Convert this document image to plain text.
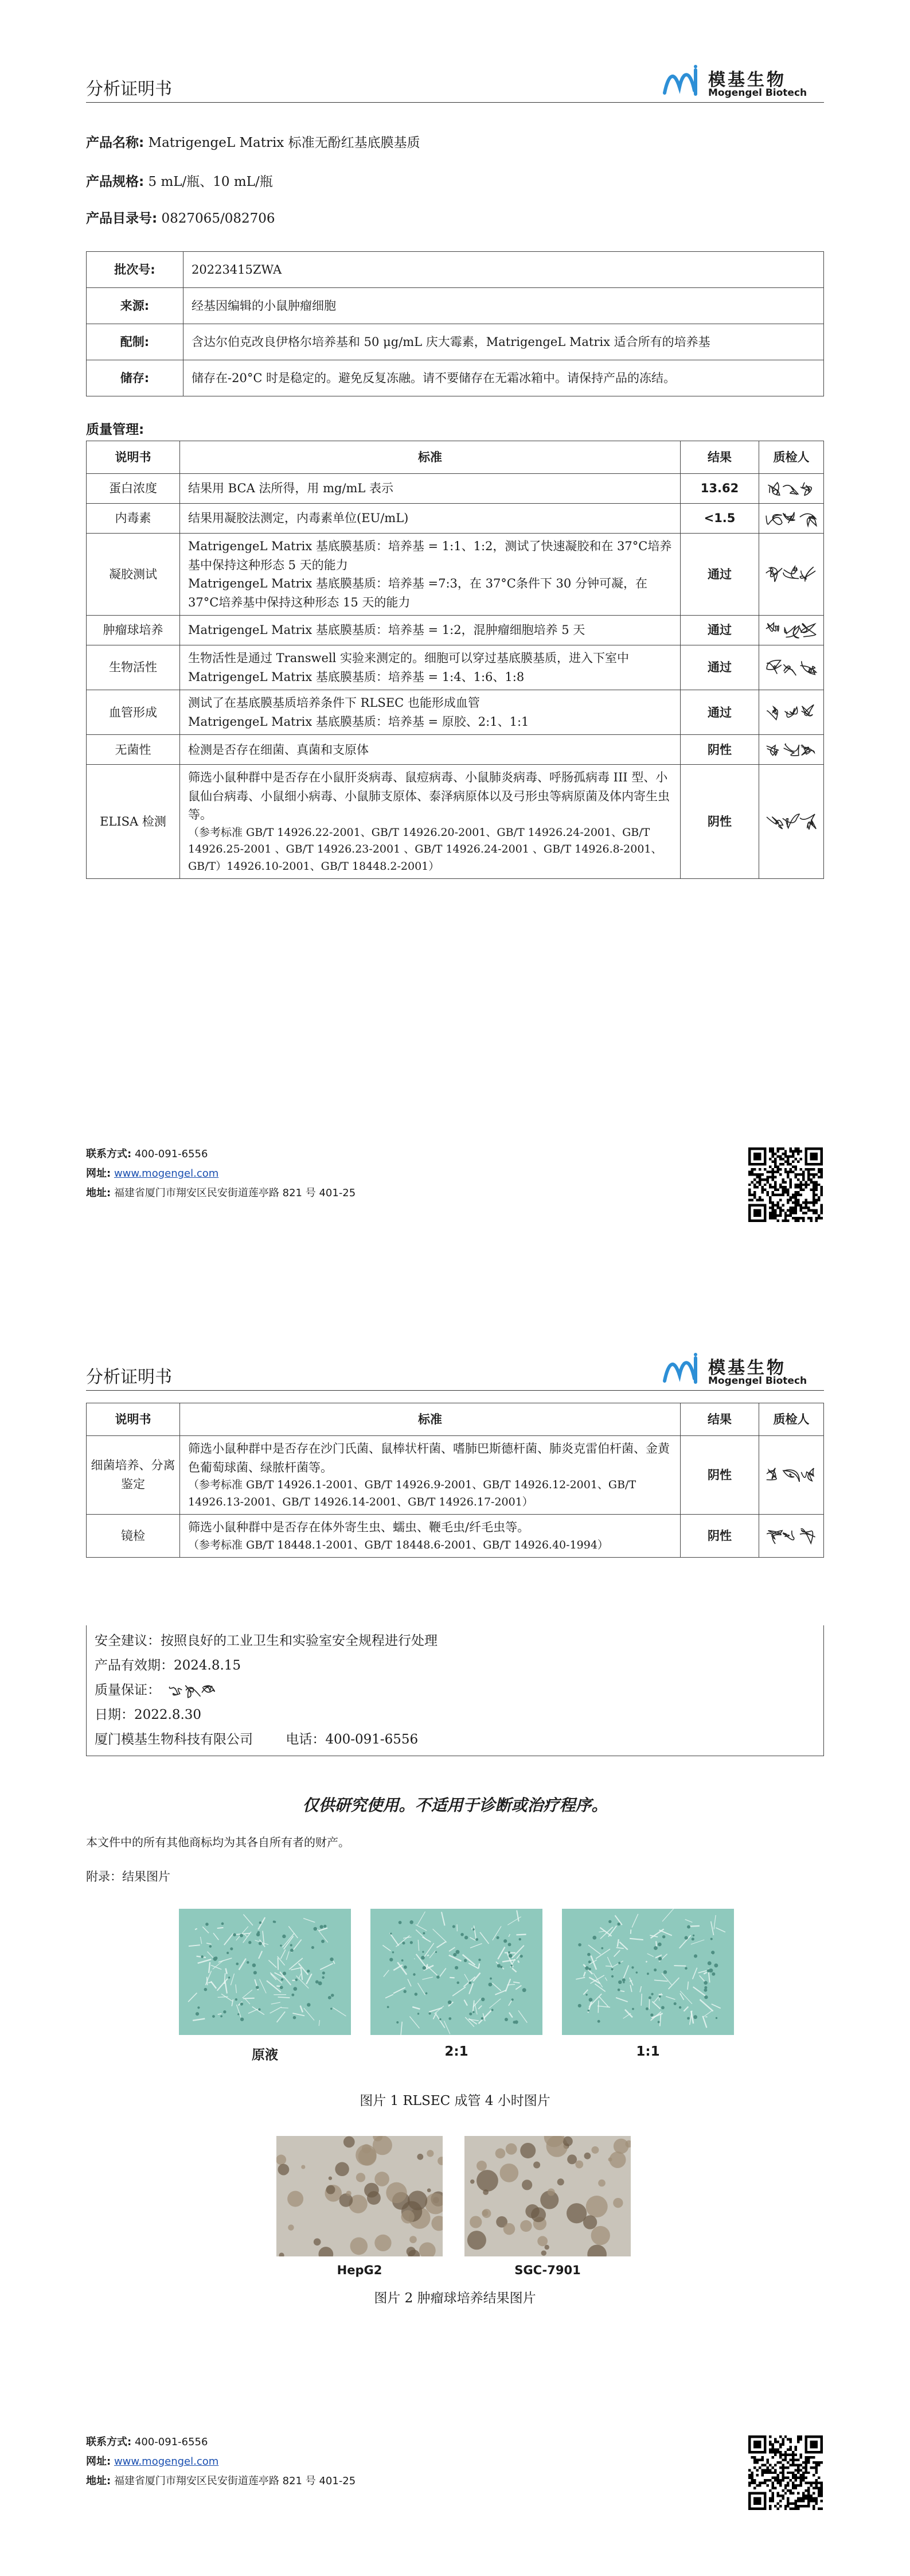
分析证明书	模基生物
Mogengel Biotech
产品名称: MatrigengeL Matrix 标准无酚红基底膜基质
产品规格: 5 mL/瓶、10 mL/瓶
产品目录号: 0827065/082706
批次号:	20223415ZWA
来源:	经基因编辑的小鼠肿瘤细胞
配制:	含达尔伯克改良伊格尔培养基和 50 μg/mL 庆大霉素，MatrigengeL Matrix 适合所有的培养基
储存:	储存在-20°C 时是稳定的。避免反复冻融。请不要储存在无霜冰箱中。请保持产品的冻结。
质量管理:
说明书	标准	结果	质检人
蛋白浓度	结果用 BCA 法所得，用 mg/mL 表示	13.62	

内毒素	结果用凝胶法测定，内毒素单位(EU/mL)	<1.5	

凝胶测试	MatrigengeL Matrix 基底膜基质：培养基 = 1:1、1:2，测试了快速凝胶和在 37°C培养基中保持这种形态 5 天的能力
MatrigengeL Matrix 基底膜基质：培养基 =7:3，在 37°C条件下 30 分钟可凝，在 37°C培养基中保持这种形态 15 天的能力	通过	

肿瘤球培养	MatrigengeL Matrix 基底膜基质：培养基 = 1:2，混肿瘤细胞培养 5 天	通过	

生物活性	生物活性是通过 Transwell 实验来测定的。细胞可以穿过基底膜基质，进入下室中
MatrigengeL Matrix 基底膜基质：培养基 = 1:4、1:6、1:8	通过	

血管形成	测试了在基底膜基质培养条件下 RLSEC 也能形成血管
MatrigengeL Matrix 基底膜基质：培养基 = 原胶、2:1、1:1	通过	

无菌性	检测是否存在细菌、真菌和支原体	阴性	

ELISA 检测	筛选小鼠种群中是否存在小鼠肝炎病毒、鼠痘病毒、小鼠肺炎病毒、呼肠孤病毒 III 型、小鼠仙台病毒、小鼠细小病毒、小鼠肺支原体、泰泽病原体以及弓形虫等病原菌及体内寄生虫等。
（参考标准 GB/T 14926.22-2001、GB/T 14926.20-2001、GB/T 14926.24-2001、GB/T 14926.25-2001 、GB/T 14926.23-2001 、GB/T 14926.24-2001 、GB/T 14926.8-2001、GB/T）14926.10-2001、GB/T 18448.2-2001）	阴性	
联系方式: 400-091-6556
网址: www.mogengel.com
地址: 福建省厦门市翔安区民安街道莲亭路 821 号 401-25
分析证明书	模基生物
Mogengel Biotech
说明书	标准	结果	质检人
细菌培养、分离鉴定	筛选小鼠种群中是否存在沙门氏菌、鼠棒状杆菌、嗜肺巴斯德杆菌、肺炎克雷伯杆菌、金黄色葡萄球菌、绿脓杆菌等。
（参考标准 GB/T 14926.1-2001、GB/T 14926.9-2001、GB/T 14926.12-2001、GB/T 14926.13-2001、GB/T 14926.14-2001、GB/T 14926.17-2001）	阴性	

镜检	筛选小鼠种群中是否存在体外寄生虫、蠕虫、鞭毛虫/纤毛虫等。
（参考标准 GB/T 18448.1-2001、GB/T 18448.6-2001、GB/T 14926.40-1994）	阴性	
安全建议：按照良好的工业卫生和实验室安全规程进行处理
产品有效期：2024.8.15
质量保证：
日期：2022.8.30
厦门模基生物科技有限公司 电话：400-091-6556
仅供研究使用。不适用于诊断或治疗程序。
本文件中的所有其他商标均为其各自所有者的财产。
附录：结果图片
原液	2:1	1:1
图片 1 RLSEC 成管 4 小时图片
HepG2	SGC-7901
图片 2 肿瘤球培养结果图片
联系方式: 400-091-6556
网址: www.mogengel.com
地址: 福建省厦门市翔安区民安街道莲亭路 821 号 401-25
